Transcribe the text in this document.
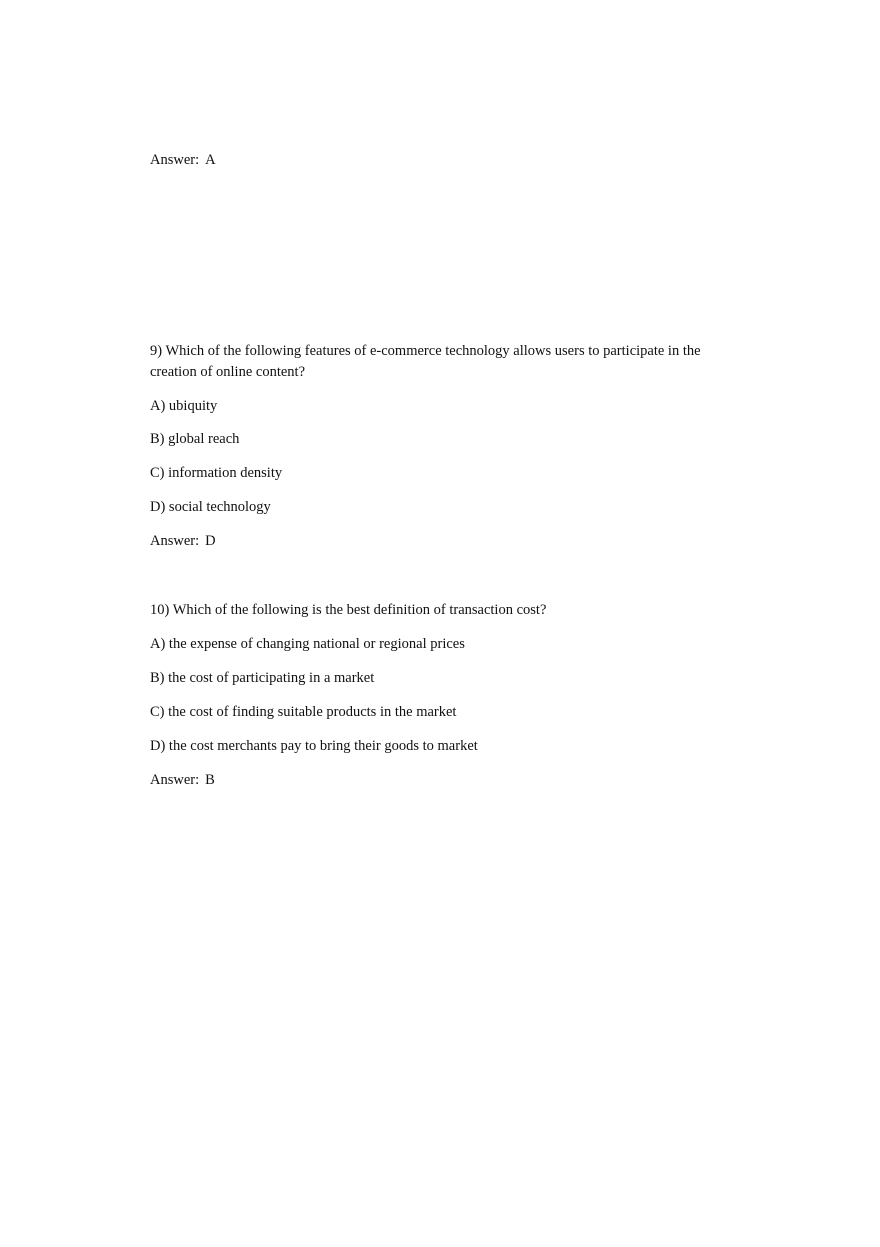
Answer: A
9) Which of the following features of e-commerce technology allows users to participate in the
creation of online content?
A) ubiquity
B) global reach
C) information density
D) social technology
Answer: D
10) Which of the following is the best definition of transaction cost?
A) the expense of changing national or regional prices
B) the cost of participating in a market
C) the cost of finding suitable products in the market
D) the cost merchants pay to bring their goods to market
Answer: B
